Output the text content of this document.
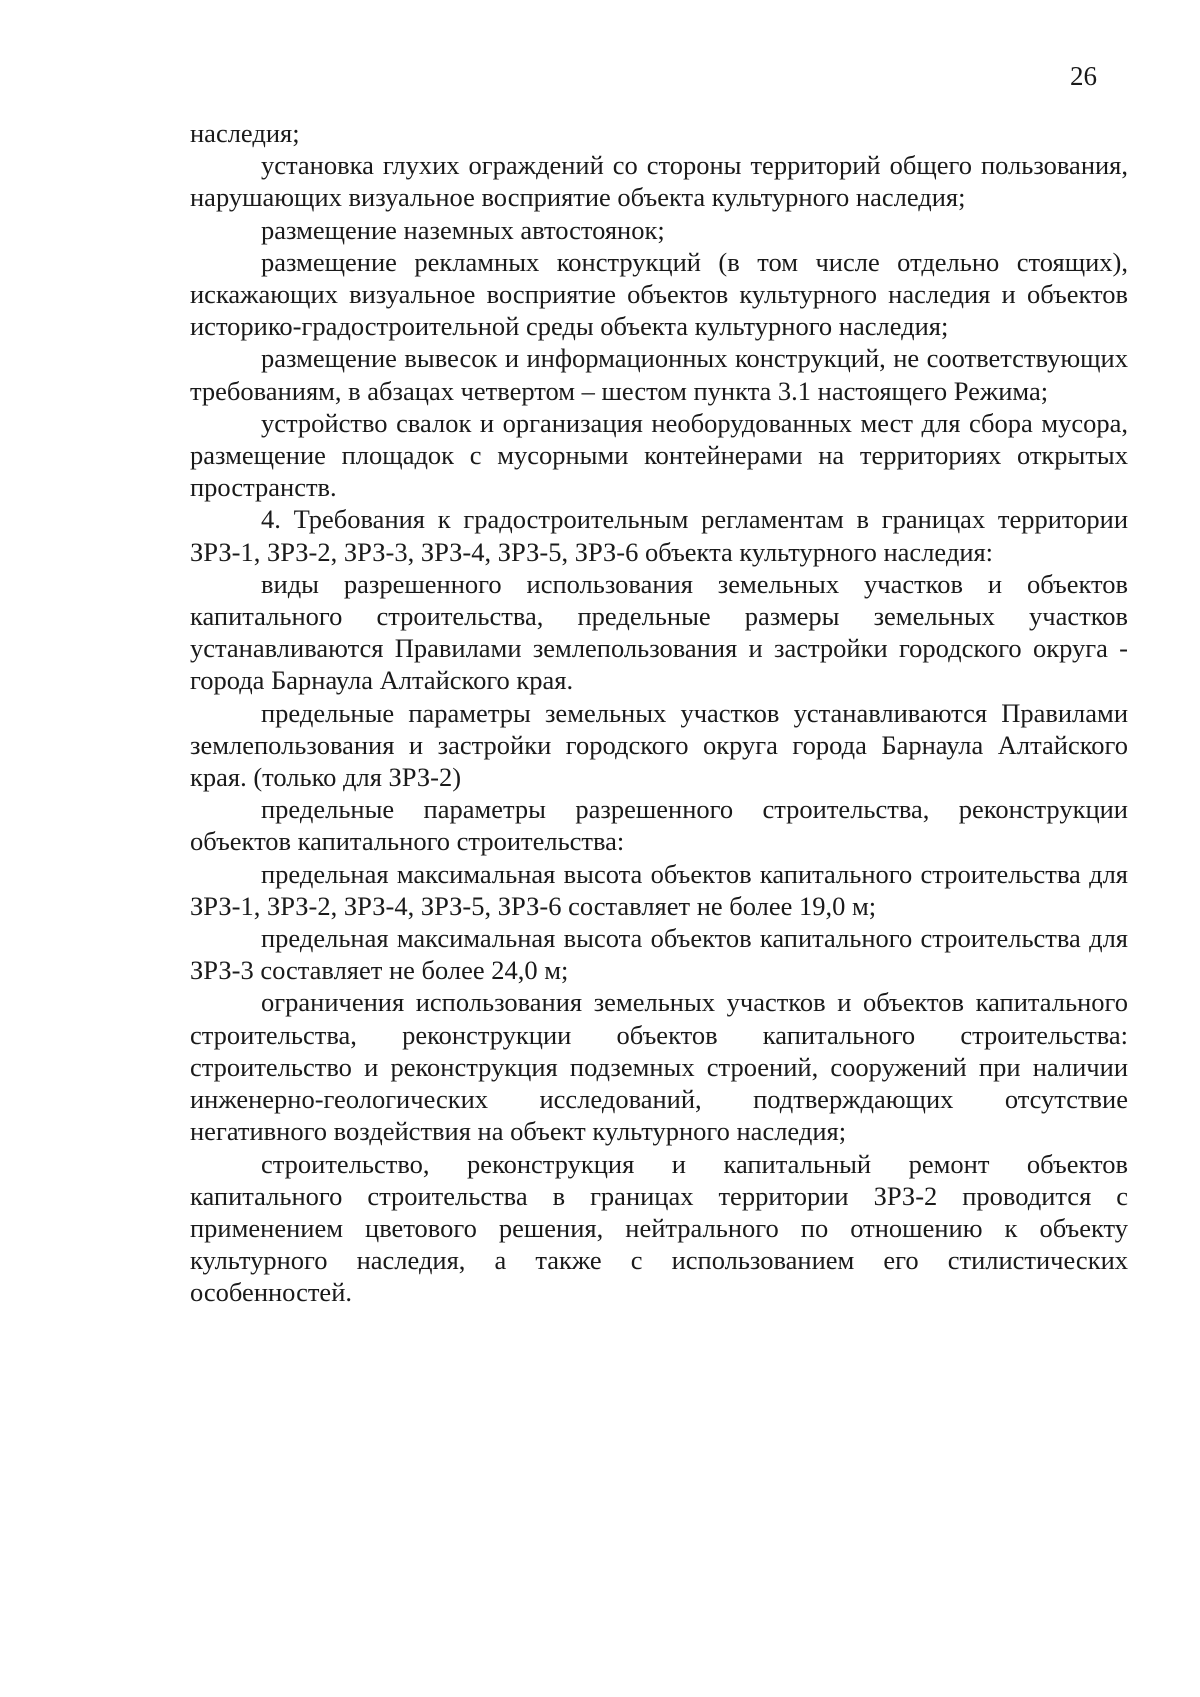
26

наследия;

установка глухих ограждений со стороны территорий общего пользования, нарушающих визуальное восприятие объекта культурного наследия;

размещение наземных автостоянок;

размещение рекламных конструкций (в том числе отдельно стоящих), искажающих визуальное восприятие объектов культурного наследия и объектов историко-градостроительной среды объекта культурного наследия;

размещение вывесок и информационных конструкций, не соответствующих требованиям, в абзацах четвертом – шестом пункта 3.1 настоящего Режима;

устройство свалок и организация необорудованных мест для сбора мусора, размещение площадок с мусорными контейнерами на территориях открытых пространств.

4. Требования к градостроительным регламентам в границах территории ЗРЗ-1, ЗРЗ-2, ЗРЗ-3, ЗРЗ-4, ЗРЗ-5, ЗРЗ-6 объекта культурного наследия:

виды разрешенного использования земельных участков и объектов капитального строительства, предельные размеры земельных участков устанавливаются Правилами землепользования и застройки городского округа - города Барнаула Алтайского края.

предельные параметры земельных участков устанавливаются Правилами землепользования и застройки городского округа города Барнаула Алтайского края. (только для ЗРЗ-2)

предельные параметры разрешенного строительства, реконструкции объектов капитального строительства:

предельная максимальная высота объектов капитального строительства для ЗРЗ-1, ЗРЗ-2, ЗРЗ-4, ЗРЗ-5, ЗРЗ-6 составляет не более 19,0 м;

предельная максимальная высота объектов капитального строительства для ЗРЗ-3 составляет не более 24,0 м;

ограничения использования земельных участков и объектов капитального строительства, реконструкции объектов капитального строительства: строительство и реконструкция подземных строений, сооружений при наличии инженерно-геологических исследований, подтверждающих отсутствие негативного воздействия на объект культурного наследия;

строительство, реконструкция и капитальный ремонт объектов капитального строительства в границах территории ЗРЗ-2 проводится с применением цветового решения, нейтрального по отношению к объекту культурного наследия, а также с использованием его стилистических особенностей.
